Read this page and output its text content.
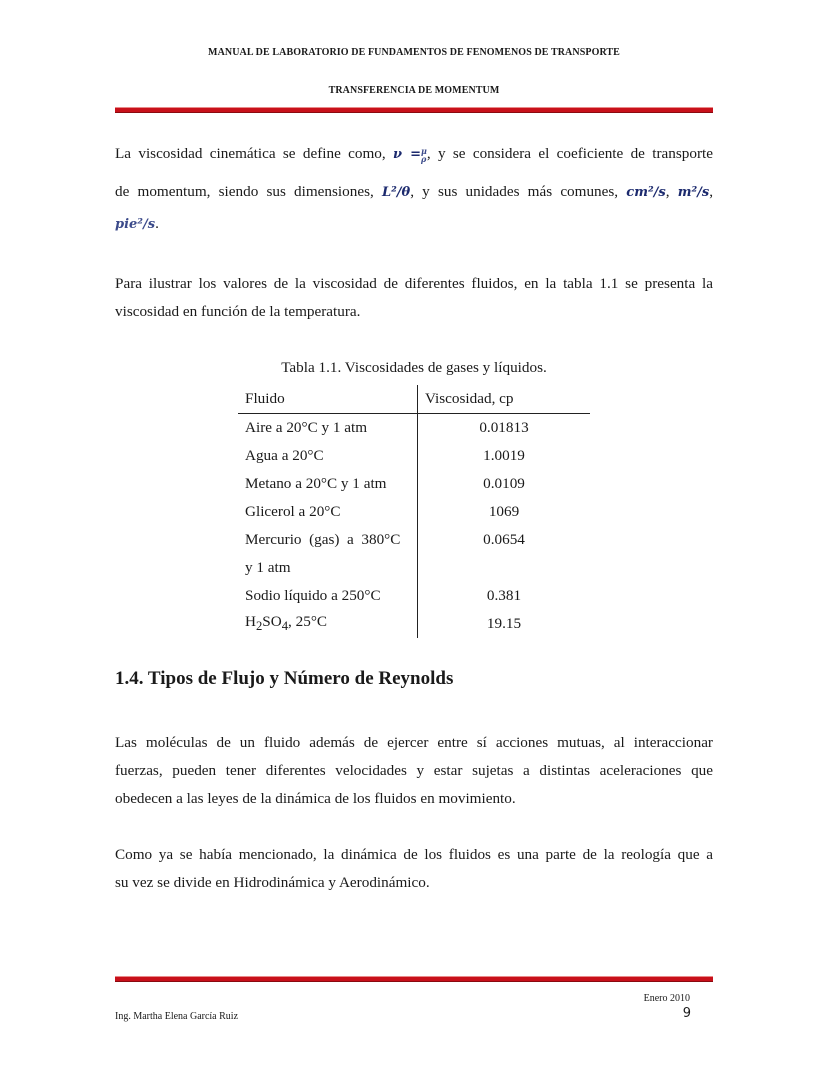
MANUAL DE LABORATORIO DE FUNDAMENTOS DE FENOMENOS DE TRANSPORTE
TRANSFERENCIA DE MOMENTUM
La viscosidad cinemática se define como, ν =μ
ρ, y se considera el coeficiente de transporte
de momentum, siendo sus dimensiones, L²/θ, y sus unidades más comunes, cm²/s, m²/s,
pie²/s.
Para ilustrar los valores de la viscosidad de diferentes fluidos, en la tabla 1.1 se presenta la
viscosidad en función de la temperatura.
Tabla 1.1. Viscosidades de gases y líquidos.
Fluido	Viscosidad, cp
Aire a 20°C y 1 atm	0.01813
Agua a 20°C	1.0019
Metano a 20°C y 1 atm	0.0109
Glicerol a 20°C	1069
Mercurio  (gas)  a  380°C	0.0654
y 1 atm	
Sodio líquido a 250°C	0.381
$H_2SO_4$, 25°C	19.15
1.4. Tipos de Flujo y Número de Reynolds
Las moléculas de un fluido además de ejercer entre sí acciones mutuas, al interaccionar
fuerzas, pueden tener diferentes velocidades y estar sujetas a distintas aceleraciones que
obedecen a las leyes de la dinámica de los fluidos en movimiento.
Como ya se había mencionado, la dinámica de los fluidos es una parte de la reología que a
su vez se divide en Hidrodinámica y Aerodinámico.
Enero 2010
Ing. Martha Elena García Ruiz	9
